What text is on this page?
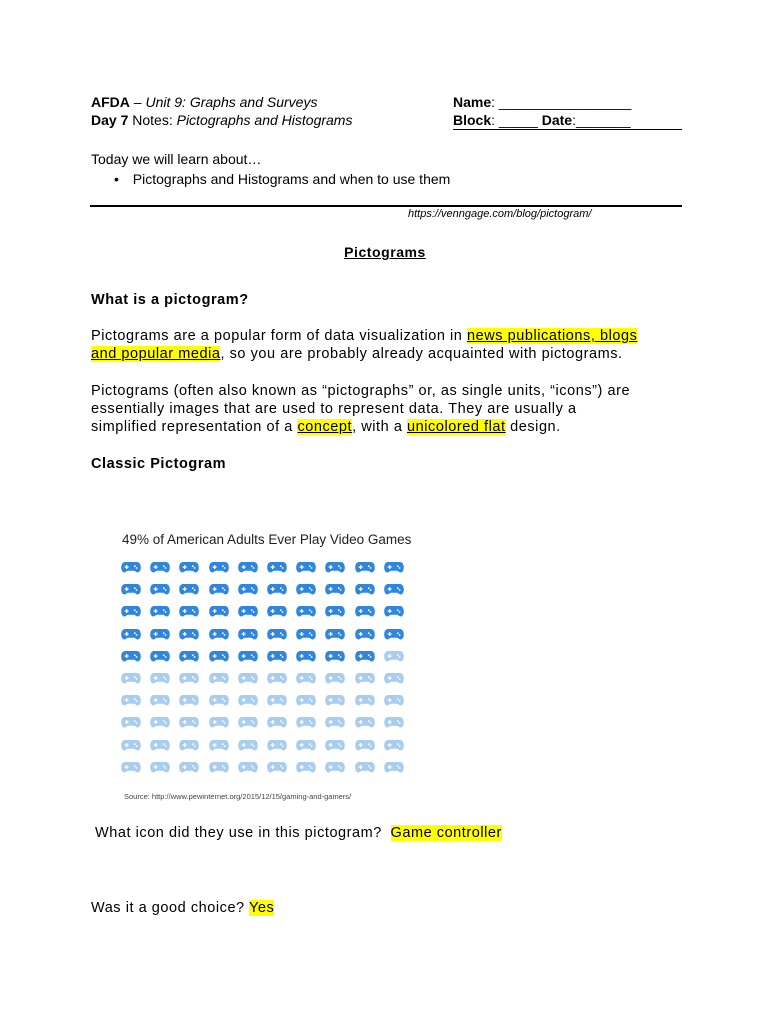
AFDA – Unit 9: Graphs and Surveys
Day 7 Notes: Pictographs and Histograms
Name: _________________
Block: _____ Date:_______
Today we will learn about…
• Pictographs and Histograms and when to use them
https://venngage.com/blog/pictogram/
Pictograms
What is a pictogram?
Pictograms are a popular form of data visualization in news publications, blogs
and popular media, so you are probably already acquainted with pictograms.
Pictograms (often also known as “pictographs” or, as single units, “icons”) are
essentially images that are used to represent data. They are usually a
simplified representation of a concept, with a unicolored flat design.
Classic Pictogram
49% of American Adults Ever Play Video Games
Source: http://www.pewinternet.org/2015/12/15/gaming-and-gamers/
What icon did they use in this pictogram? Game controller
Was it a good choice? Yes
